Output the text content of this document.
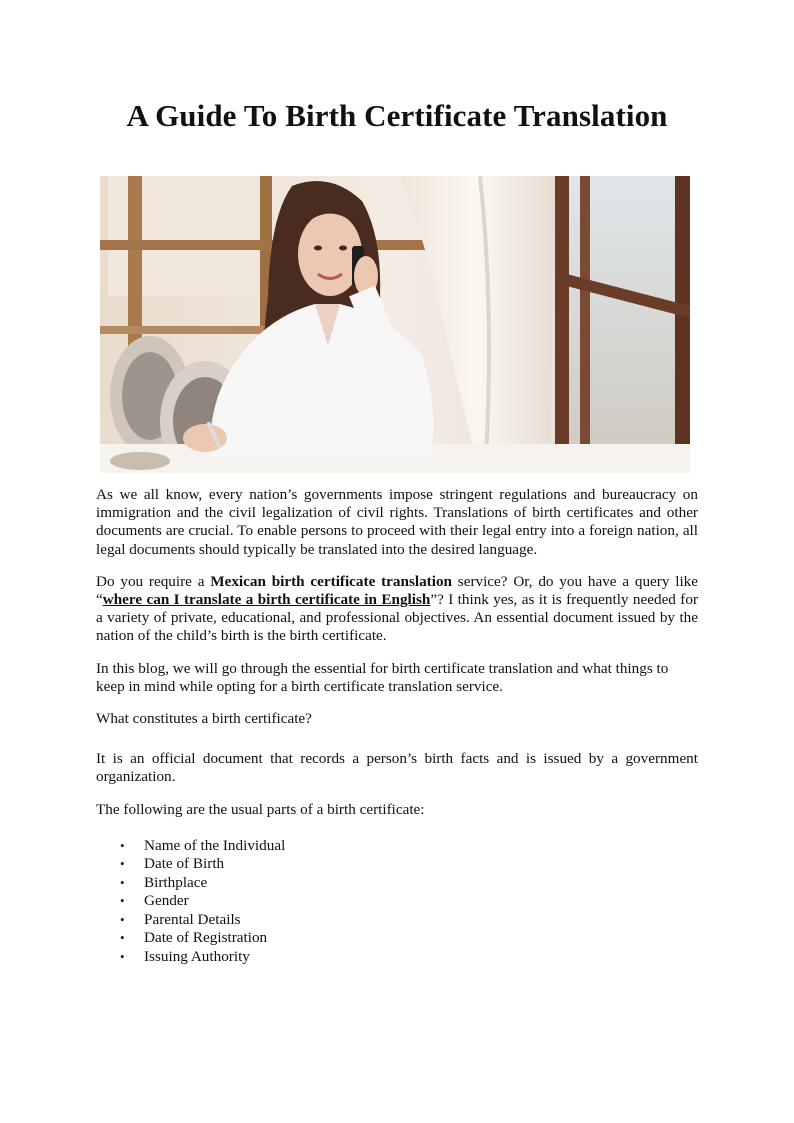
A Guide To Birth Certificate Translation

As we all know, every nation’s governments impose stringent regulations and bureaucracy on immigration and the civil legalization of civil rights. Translations of birth certificates and other documents are crucial. To enable persons to proceed with their legal entry into a foreign nation, all legal documents should typically be translated into the desired language.

Do you require a Mexican birth certificate translation service? Or, do you have a query like “where can I translate a birth certificate in English”? I think yes, as it is frequently needed for a variety of private, educational, and professional objectives. An essential document issued by the nation of the child’s birth is the birth certificate.

In this blog, we will go through the essential for birth certificate translation and what things to keep in mind while opting for a birth certificate translation service.

What constitutes a birth certificate?

It is an official document that records a person’s birth facts and is issued by a government organization.

The following are the usual parts of a birth certificate:

• Name of the Individual
• Date of Birth
• Birthplace
• Gender
• Parental Details
• Date of Registration
• Issuing Authority
